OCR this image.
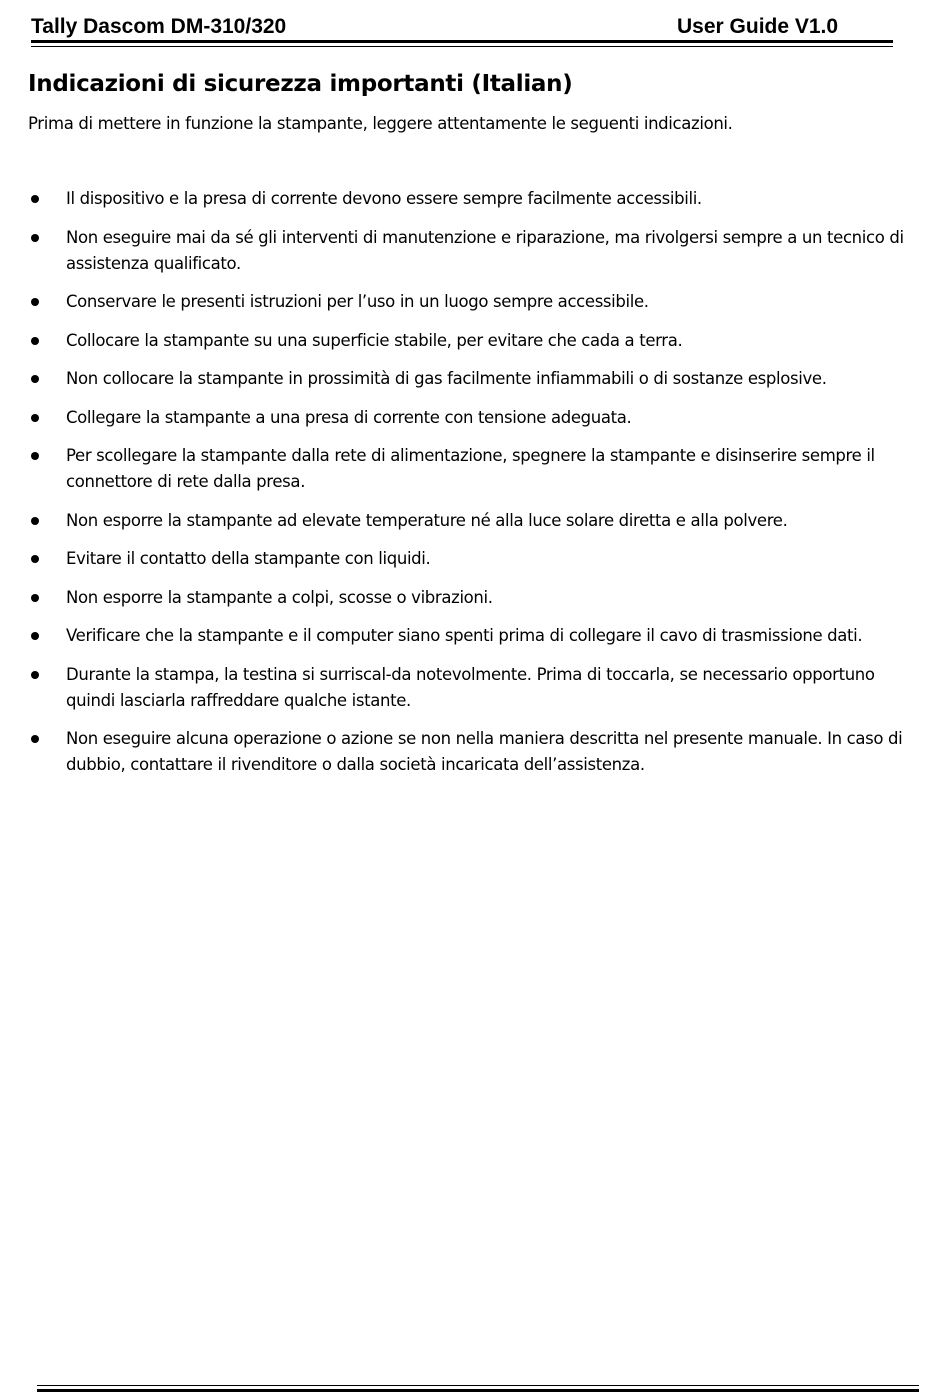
Tally Dascom DM-310/320	User Guide V1.0
Indicazioni di sicurezza importanti (Italian)

Prima di mettere in funzione la stampante, leggere attentamente le seguenti indicazioni.

Il dispositivo e la presa di corrente devono essere sempre facilmente accessibili.
Non eseguire mai da sé gli interventi di manutenzione e riparazione, ma rivolgersi sempre a un tecnico di assistenza qualificato.
Conservare le presenti istruzioni per l’uso in un luogo sempre accessibile.
Collocare la stampante su una superficie stabile, per evitare che cada a terra.
Non collocare la stampante in prossimità di gas facilmente infiammabili o di sostanze esplosive.
Collegare la stampante a una presa di corrente con tensione adeguata.
Per scollegare la stampante dalla rete di alimentazione, spegnere la stampante e disinserire sempre il connettore di rete dalla presa.
Non esporre la stampante ad elevate temperature né alla luce solare diretta e alla polvere.
Evitare il contatto della stampante con liquidi.
Non esporre la stampante a colpi, scosse o vibrazioni.
Verificare che la stampante e il computer siano spenti prima di collegare il cavo di trasmissione dati.
Durante la stampa, la testina si surriscal-da notevolmente. Prima di toccarla, se necessario opportuno quindi lasciarla raffreddare qualche istante.
Non eseguire alcuna operazione o azione se non nella maniera descritta nel presente manuale. In caso di dubbio, contattare il rivenditore o dalla società incaricata dell’assistenza.
